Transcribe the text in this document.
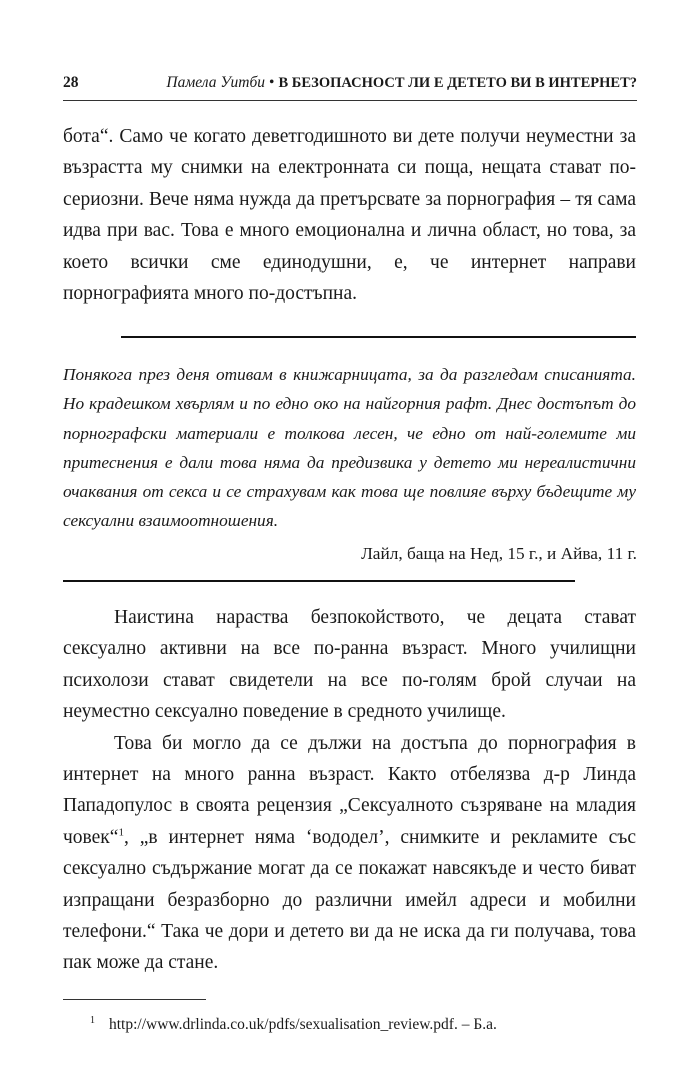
28	Памела Уитби • В БЕЗОПАСНОСТ ЛИ Е ДЕТЕТО ВИ В ИНТЕРНЕТ?

бота“. Само че когато деветгодишното ви дете получи неуместни за възрастта му снимки на електронната си поща, нещата стават по-сериозни. Вече няма нужда да претърсвате за порнография – тя сама идва при вас. Това е много емоционална и лична област, но това, за което всички сме единодушни, е, че интернет направи порнографията много по-достъпна.

Понякога през деня отивам в книжарницата, за да разгледам списанията. Но крадешком хвърлям и по едно око на найгорния рафт. Днес достъпът до порнографски материали е толкова лесен, че едно от най-големите ми притеснения е дали това няма да предизвика у детето ми нереалистични очаквания от секса и се страхувам как това ще повлияе върху бъдещите му сексуални взаимоотношения.

Лайл, баща на Нед, 15 г., и Айва, 11 г.

Наистина нараства безпокойството, че децата стават сексуално активни на все по-ранна възраст. Много училищни психолози стават свидетели на все по-голям брой случаи на неуместно сексуално поведение в средното училище.

Това би могло да се дължи на достъпа до порнография в интернет на много ранна възраст. Както отбелязва д-р Линда Пападопулос в своята рецензия „Сексуалното съзряване на младия човек“$^1$, „в интернет няма ‘вододел’, снимките и рекламите със сексуално съдържание могат да се покажат навсякъде и често биват изпращани безразборно до различни имейл адреси и мобилни телефони.“ Така че дори и детето ви да не иска да ги получава, това пак може да стане.

$^1$ http://www.drlinda.co.uk/pdfs/sexualisation_review.pdf. – Б.а.
